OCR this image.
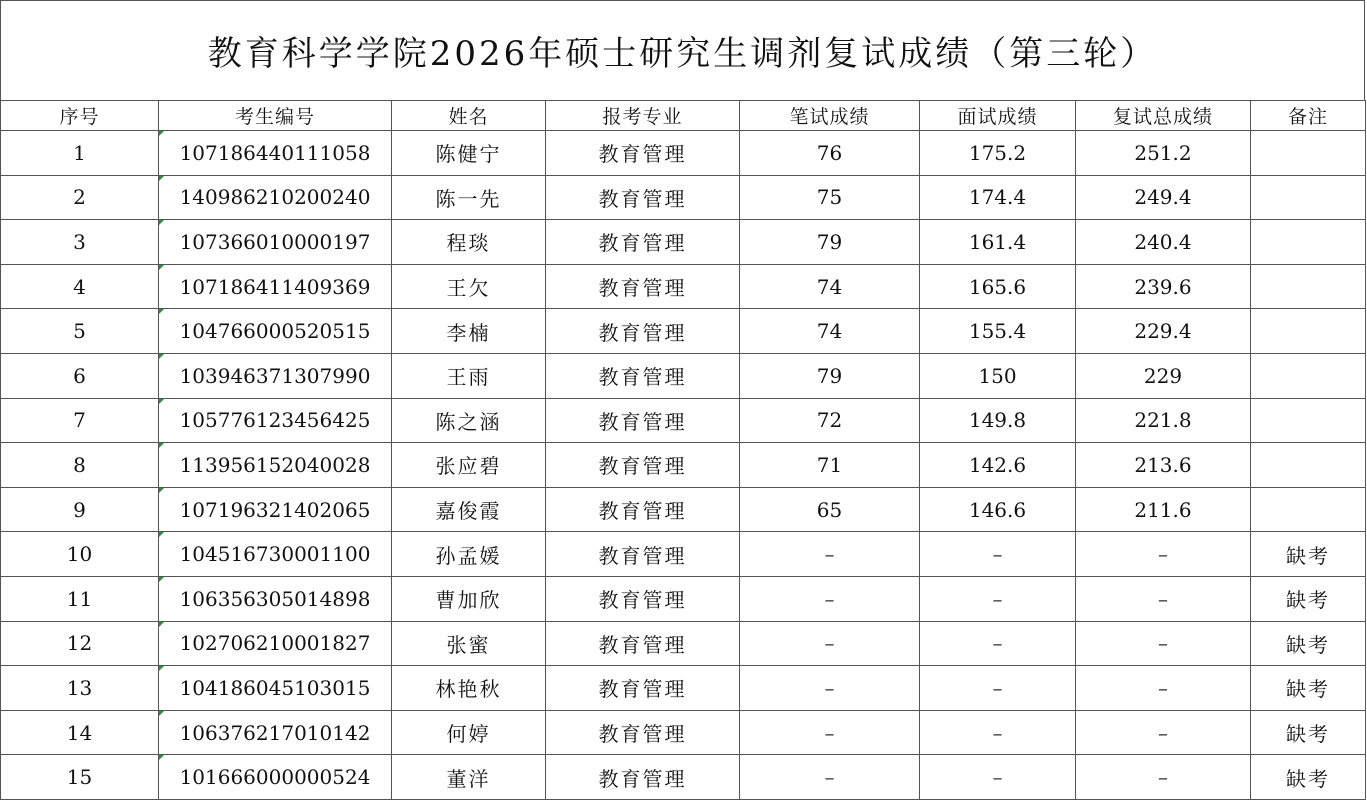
教育科学学院2026年硕士研究生调剂复试成绩（第三轮）
序号	考生编号	姓名	报考专业	笔试成绩	面试成绩	复试总成绩	备注
1	107186440111058	陈健宁	教育管理	76	175.2	251.2	
2	140986210200240	陈一先	教育管理	75	174.4	249.4	
3	107366010000197	程琰	教育管理	79	161.4	240.4	
4	107186411409369	王欠	教育管理	74	165.6	239.6	
5	104766000520515	李楠	教育管理	74	155.4	229.4	
6	103946371307990	王雨	教育管理	79	150	229	
7	105776123456425	陈之涵	教育管理	72	149.8	221.8	
8	113956152040028	张应碧	教育管理	71	142.6	213.6	
9	107196321402065	嘉俊霞	教育管理	65	146.6	211.6	
10	104516730001100	孙孟媛	教育管理	–	–	–	缺考
11	106356305014898	曹加欣	教育管理	–	–	–	缺考
12	102706210001827	张蜜	教育管理	–	–	–	缺考
13	104186045103015	林艳秋	教育管理	–	–	–	缺考
14	106376217010142	何婷	教育管理	–	–	–	缺考
15	101666000000524	董洋	教育管理	–	–	–	缺考
